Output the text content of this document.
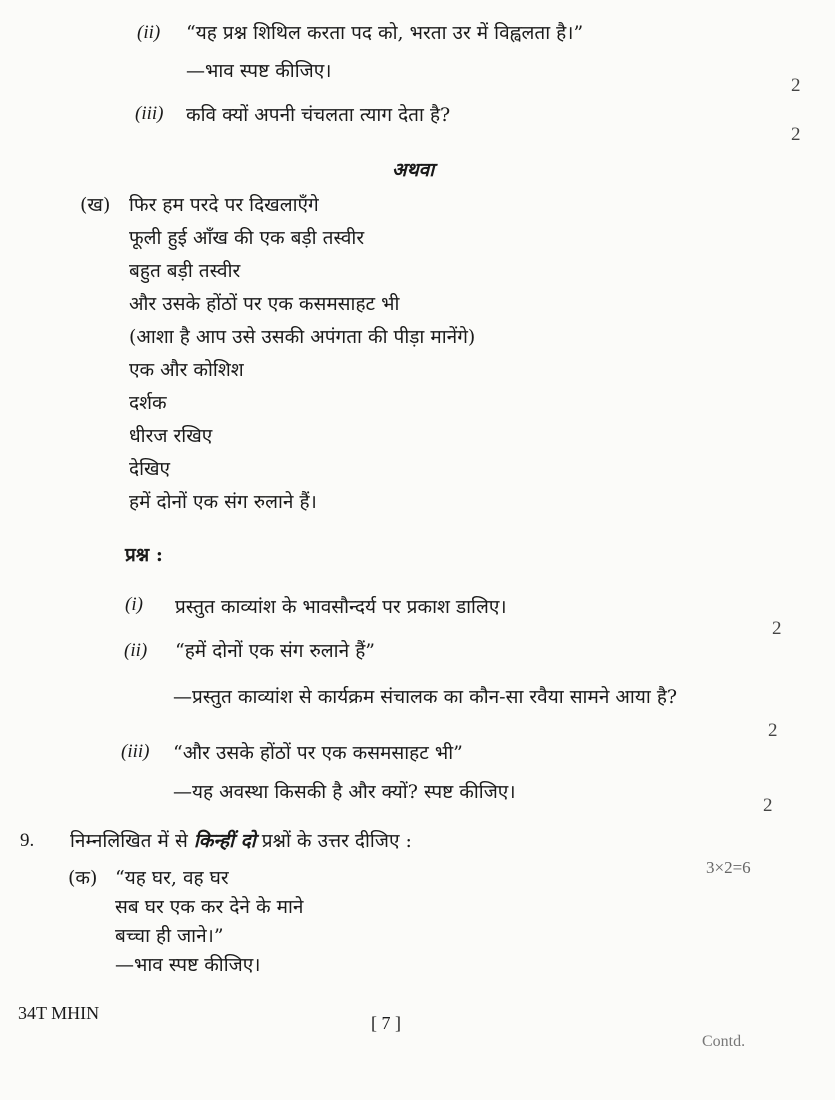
(ii) “यह प्रश्न शिथिल करता पद को, भरता उर में विह्वलता है।”
—भाव स्पष्ट कीजिए।
2
(iii) कवि क्यों अपनी चंचलता त्याग देता है?
2
अथवा
(ख) फिर हम परदे पर दिखलाएँगे
फूली हुई आँख की एक बड़ी तस्वीर
बहुत बड़ी तस्वीर
और उसके होंठों पर एक कसमसाहट भी
(आशा है आप उसे उसकी अपंगता की पीड़ा मानेंगे)
एक और कोशिश
दर्शक
धीरज रखिए
देखिए
हमें दोनों एक संग रुलाने हैं।
प्रश्न :
(i) प्रस्तुत काव्यांश के भावसौन्दर्य पर प्रकाश डालिए।
2
(ii) “हमें दोनों एक संग रुलाने हैं”
—प्रस्तुत काव्यांश से कार्यक्रम संचालक का कौन-सा रवैया सामने आया है?
2
(iii) “और उसके होंठों पर एक कसमसाहट भी”
—यह अवस्था किसकी है और क्यों? स्पष्ट कीजिए।
2
9. निम्नलिखित में से किन्हीं दो प्रश्नों के उत्तर दीजिए :
3×2=6
(क) “यह घर, वह घर
सब घर एक कर देने के माने
बच्चा ही जाने।”
—भाव स्पष्ट कीजिए।
34T MHIN	[ 7 ]
Contd.
